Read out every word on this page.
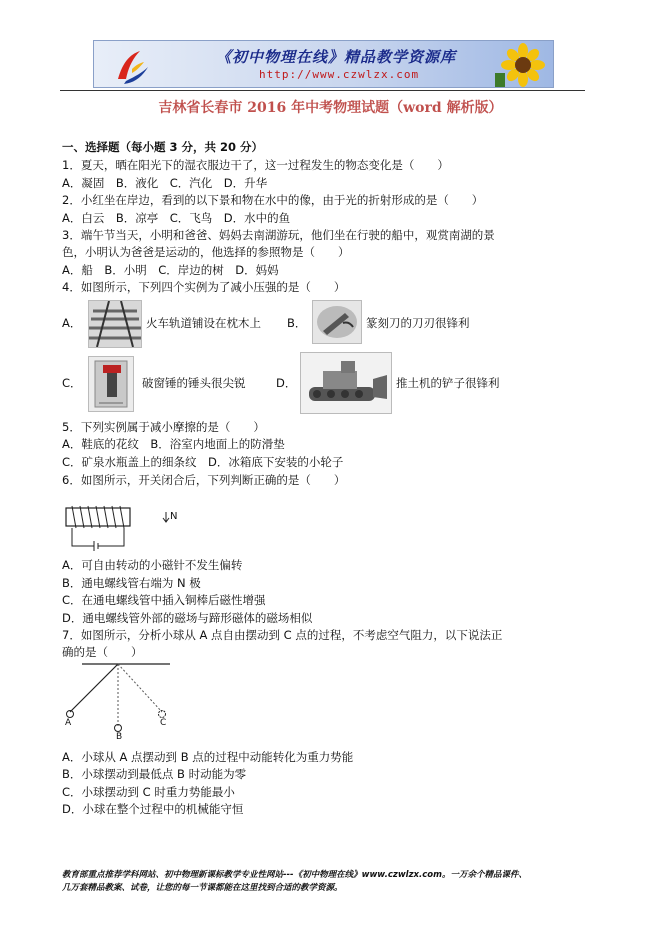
《初中物理在线》精品教学资源库
http://www.czwlzx.com
吉林省长春市 2016 年中考物理试题（word 解析版）
一、选择题（每小题 3 分，共 20 分）
1．夏天，晒在阳光下的湿衣服边干了，这一过程发生的物态变化是（　　）
A．凝固　B．液化　C．汽化　D．升华
2．小红坐在岸边，看到的以下景和物在水中的像，由于光的折射形成的是（　　）
A．白云　B．凉亭　C．飞鸟　D．水中的鱼
3．端午节当天，小明和爸爸、妈妈去南湖游玩，他们坐在行驶的船中，观赏南湖的景
色，小明认为爸爸是运动的，他选择的参照物是（　　）
A．船　B．小明　C．岸边的树　D．妈妈
4．如图所示，下列四个实例为了减小压强的是（　　）
A．	火车轨道铺设在枕木上 B．	篆刻刀的刀刃很锋利
C．	破窗锤的锤头很尖锐	D．	推土机的铲子很锋利
5．下列实例属于减小摩擦的是（　　）
A．鞋底的花纹　B．浴室内地面上的防滑垫
C．矿泉水瓶盖上的细条纹　D．冰箱底下安装的小轮子
6．如图所示，开关闭合后，下列判断正确的是（　　）
N
A．可自由转动的小磁针不发生偏转
B．通电螺线管右端为 N 极
C．在通电螺线管中插入铜棒后磁性增强
D．通电螺线管外部的磁场与蹄形磁体的磁场相似
7．如图所示，分析小球从 A 点自由摆动到 C 点的过程，不考虑空气阻力，以下说法正
确的是（　　）
A
B
C
A．小球从 A 点摆动到 B 点的过程中动能转化为重力势能
B．小球摆动到最低点 B 时动能为零
C．小球摆动到 C 时重力势能最小
D．小球在整个过程中的机械能守恒
教育部重点推荐学科网站、初中物理新课标教学专业性网站---《初中物理在线》www.czwlzx.com。一万余个精品课件、
几万套精品教案、试卷，让您的每一节课都能在这里找到合适的教学资源。
